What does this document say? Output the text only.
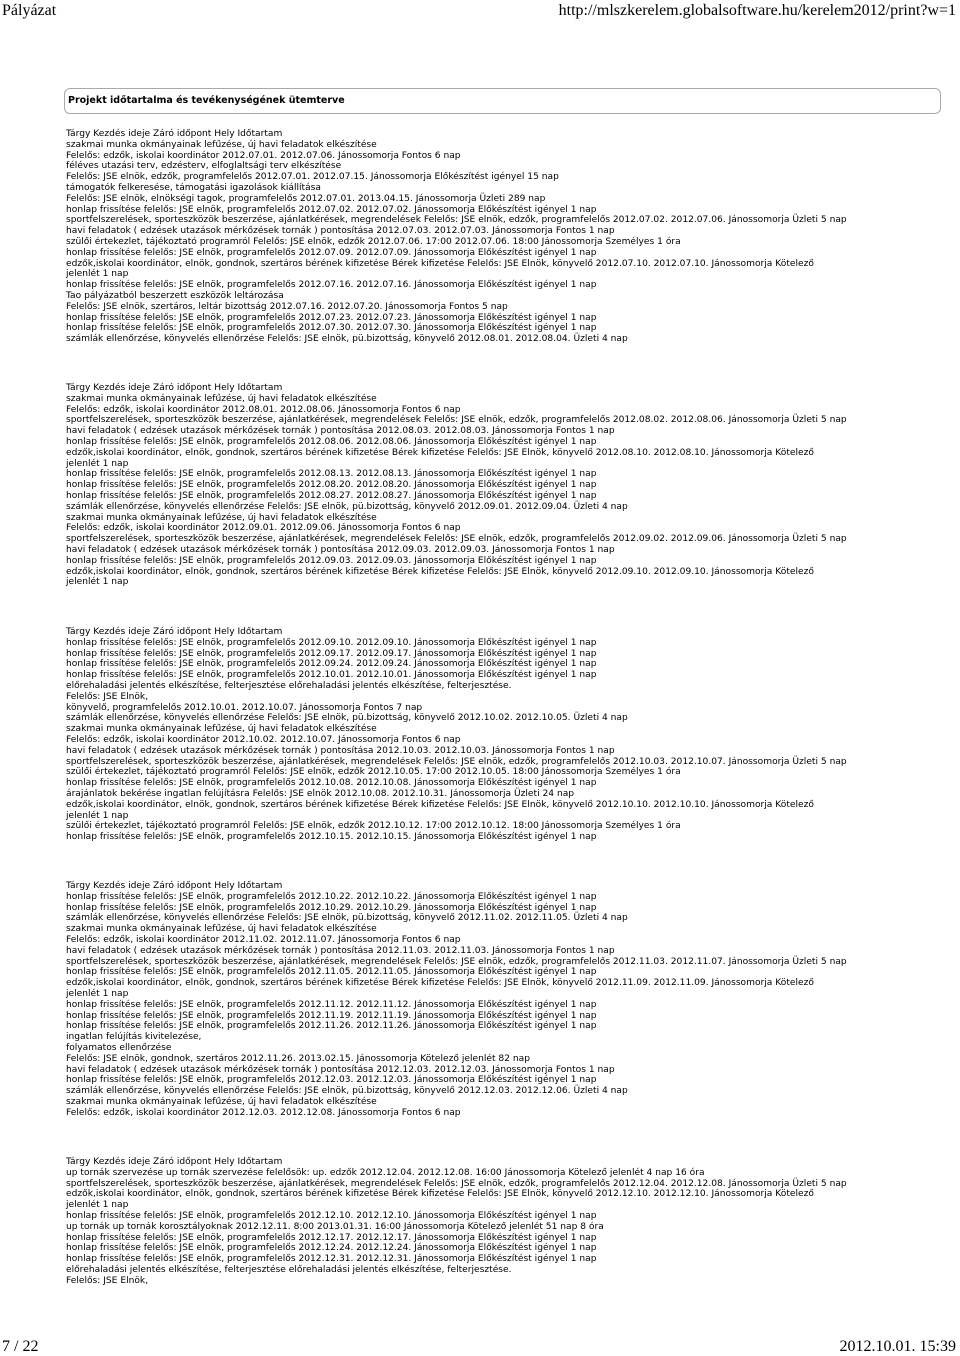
Pályázat	http://mlszkerelem.globalsoftware.hu/kerelem2012/print?w=1
Projekt időtartalma és tevékenységének ütemterve
Tárgy Kezdés ideje Záró időpont Hely Időtartam
szakmai munka okmányainak lefűzése, új havi feladatok elkészítése
Felelős: edzők, iskolai koordinátor 2012.07.01. 2012.07.06. Jánossomorja Fontos 6 nap
féléves utazási terv, edzésterv, elfoglaltsági terv elkészítése
Felelős: JSE elnök, edzők, programfelelős 2012.07.01. 2012.07.15. Jánossomorja Előkészítést igényel 15 nap
támogatók felkeresése, támogatási igazolások kiállítása
Felelős: JSE elnök, elnökségi tagok, programfelelős 2012.07.01. 2013.04.15. Jánossomorja Üzleti 289 nap
honlap frissítése felelős: JSE elnök, programfelelős 2012.07.02. 2012.07.02. Jánossomorja Előkészítést igényel 1 nap
sportfelszerelések, sporteszközök beszerzése, ajánlatkérések, megrendelések Felelős: JSE elnök, edzők, programfelelős 2012.07.02. 2012.07.06. Jánossomorja Üzleti 5 nap
havi feladatok ( edzések utazások mérkőzések tornák ) pontosítása 2012.07.03. 2012.07.03. Jánossomorja Fontos 1 nap
szülői értekezlet, tájékoztató programról Felelős: JSE elnök, edzők 2012.07.06. 17:00 2012.07.06. 18:00 Jánossomorja Személyes 1 óra
honlap frissítése felelős: JSE elnök, programfelelős 2012.07.09. 2012.07.09. Jánossomorja Előkészítést igényel 1 nap
edzők,iskolai koordinátor, elnök, gondnok, szertáros bérének kifizetése Bérek kifizetése Felelős: JSE Elnök, könyvelő 2012.07.10. 2012.07.10. Jánossomorja Kötelező
jelenlét 1 nap
honlap frissítése felelős: JSE elnök, programfelelős 2012.07.16. 2012.07.16. Jánossomorja Előkészítést igényel 1 nap
Tao pályázatból beszerzett eszközök leltározása
Felelős: JSE elnök, szertáros, leltár bizottság 2012.07.16. 2012.07.20. Jánossomorja Fontos 5 nap
honlap frissítése felelős: JSE elnök, programfelelős 2012.07.23. 2012.07.23. Jánossomorja Előkészítést igényel 1 nap
honlap frissítése felelős: JSE elnök, programfelelős 2012.07.30. 2012.07.30. Jánossomorja Előkészítést igényel 1 nap
számlák ellenőrzése, könyvelés ellenőrzése Felelős: JSE elnök, pü.bizottság, könyvelő 2012.08.01. 2012.08.04. Üzleti 4 nap
Tárgy Kezdés ideje Záró időpont Hely Időtartam
szakmai munka okmányainak lefűzése, új havi feladatok elkészítése
Felelős: edzők, iskolai koordinátor 2012.08.01. 2012.08.06. Jánossomorja Fontos 6 nap
sportfelszerelések, sporteszközök beszerzése, ajánlatkérések, megrendelések Felelős: JSE elnök, edzők, programfelelős 2012.08.02. 2012.08.06. Jánossomorja Üzleti 5 nap
havi feladatok ( edzések utazások mérkőzések tornák ) pontosítása 2012.08.03. 2012.08.03. Jánossomorja Fontos 1 nap
honlap frissítése felelős: JSE elnök, programfelelős 2012.08.06. 2012.08.06. Jánossomorja Előkészítést igényel 1 nap
edzők,iskolai koordinátor, elnök, gondnok, szertáros bérének kifizetése Bérek kifizetése Felelős: JSE Elnök, könyvelő 2012.08.10. 2012.08.10. Jánossomorja Kötelező
jelenlét 1 nap
honlap frissítése felelős: JSE elnök, programfelelős 2012.08.13. 2012.08.13. Jánossomorja Előkészítést igényel 1 nap
honlap frissítése felelős: JSE elnök, programfelelős 2012.08.20. 2012.08.20. Jánossomorja Előkészítést igényel 1 nap
honlap frissítése felelős: JSE elnök, programfelelős 2012.08.27. 2012.08.27. Jánossomorja Előkészítést igényel 1 nap
számlák ellenőrzése, könyvelés ellenőrzése Felelős: JSE elnök, pü.bizottság, könyvelő 2012.09.01. 2012.09.04. Üzleti 4 nap
szakmai munka okmányainak lefűzése, új havi feladatok elkészítése
Felelős: edzők, iskolai koordinátor 2012.09.01. 2012.09.06. Jánossomorja Fontos 6 nap
sportfelszerelések, sporteszközök beszerzése, ajánlatkérések, megrendelések Felelős: JSE elnök, edzők, programfelelős 2012.09.02. 2012.09.06. Jánossomorja Üzleti 5 nap
havi feladatok ( edzések utazások mérkőzések tornák ) pontosítása 2012.09.03. 2012.09.03. Jánossomorja Fontos 1 nap
honlap frissítése felelős: JSE elnök, programfelelős 2012.09.03. 2012.09.03. Jánossomorja Előkészítést igényel 1 nap
edzők,iskolai koordinátor, elnök, gondnok, szertáros bérének kifizetése Bérek kifizetése Felelős: JSE Elnök, könyvelő 2012.09.10. 2012.09.10. Jánossomorja Kötelező
jelenlét 1 nap
Tárgy Kezdés ideje Záró időpont Hely Időtartam
honlap frissítése felelős: JSE elnök, programfelelős 2012.09.10. 2012.09.10. Jánossomorja Előkészítést igényel 1 nap
honlap frissítése felelős: JSE elnök, programfelelős 2012.09.17. 2012.09.17. Jánossomorja Előkészítést igényel 1 nap
honlap frissítése felelős: JSE elnök, programfelelős 2012.09.24. 2012.09.24. Jánossomorja Előkészítést igényel 1 nap
honlap frissítése felelős: JSE elnök, programfelelős 2012.10.01. 2012.10.01. Jánossomorja Előkészítést igényel 1 nap
előrehaladási jelentés elkészítése, felterjesztése előrehaladási jelentés elkészítése, felterjesztése.
Felelős: JSE Elnök,
könyvelő, programfelelős 2012.10.01. 2012.10.07. Jánossomorja Fontos 7 nap
számlák ellenőrzése, könyvelés ellenőrzése Felelős: JSE elnök, pü.bizottság, könyvelő 2012.10.02. 2012.10.05. Üzleti 4 nap
szakmai munka okmányainak lefűzése, új havi feladatok elkészítése
Felelős: edzők, iskolai koordinátor 2012.10.02. 2012.10.07. Jánossomorja Fontos 6 nap
havi feladatok ( edzések utazások mérkőzések tornák ) pontosítása 2012.10.03. 2012.10.03. Jánossomorja Fontos 1 nap
sportfelszerelések, sporteszközök beszerzése, ajánlatkérések, megrendelések Felelős: JSE elnök, edzők, programfelelős 2012.10.03. 2012.10.07. Jánossomorja Üzleti 5 nap
szülői értekezlet, tájékoztató programról Felelős: JSE elnök, edzők 2012.10.05. 17:00 2012.10.05. 18:00 Jánossomorja Személyes 1 óra
honlap frissítése felelős: JSE elnök, programfelelős 2012.10.08. 2012.10.08. Jánossomorja Előkészítést igényel 1 nap
árajánlatok bekérése ingatlan felújításra Felelős: JSE elnök 2012.10.08. 2012.10.31. Jánossomorja Üzleti 24 nap
edzők,iskolai koordinátor, elnök, gondnok, szertáros bérének kifizetése Bérek kifizetése Felelős: JSE Elnök, könyvelő 2012.10.10. 2012.10.10. Jánossomorja Kötelező
jelenlét 1 nap
szülői értekezlet, tájékoztató programról Felelős: JSE elnök, edzők 2012.10.12. 17:00 2012.10.12. 18:00 Jánossomorja Személyes 1 óra
honlap frissítése felelős: JSE elnök, programfelelős 2012.10.15. 2012.10.15. Jánossomorja Előkészítést igényel 1 nap
Tárgy Kezdés ideje Záró időpont Hely Időtartam
honlap frissítése felelős: JSE elnök, programfelelős 2012.10.22. 2012.10.22. Jánossomorja Előkészítést igényel 1 nap
honlap frissítése felelős: JSE elnök, programfelelős 2012.10.29. 2012.10.29. Jánossomorja Előkészítést igényel 1 nap
számlák ellenőrzése, könyvelés ellenőrzése Felelős: JSE elnök, pü.bizottság, könyvelő 2012.11.02. 2012.11.05. Üzleti 4 nap
szakmai munka okmányainak lefűzése, új havi feladatok elkészítése
Felelős: edzők, iskolai koordinátor 2012.11.02. 2012.11.07. Jánossomorja Fontos 6 nap
havi feladatok ( edzések utazások mérkőzések tornák ) pontosítása 2012.11.03. 2012.11.03. Jánossomorja Fontos 1 nap
sportfelszerelések, sporteszközök beszerzése, ajánlatkérések, megrendelések Felelős: JSE elnök, edzők, programfelelős 2012.11.03. 2012.11.07. Jánossomorja Üzleti 5 nap
honlap frissítése felelős: JSE elnök, programfelelős 2012.11.05. 2012.11.05. Jánossomorja Előkészítést igényel 1 nap
edzők,iskolai koordinátor, elnök, gondnok, szertáros bérének kifizetése Bérek kifizetése Felelős: JSE Elnök, könyvelő 2012.11.09. 2012.11.09. Jánossomorja Kötelező
jelenlét 1 nap
honlap frissítése felelős: JSE elnök, programfelelős 2012.11.12. 2012.11.12. Jánossomorja Előkészítést igényel 1 nap
honlap frissítése felelős: JSE elnök, programfelelős 2012.11.19. 2012.11.19. Jánossomorja Előkészítést igényel 1 nap
honlap frissítése felelős: JSE elnök, programfelelős 2012.11.26. 2012.11.26. Jánossomorja Előkészítést igényel 1 nap
ingatlan felújítás kivitelezése,
folyamatos ellenőrzése
Felelős: JSE elnök, gondnok, szertáros 2012.11.26. 2013.02.15. Jánossomorja Kötelező jelenlét 82 nap
havi feladatok ( edzések utazások mérkőzések tornák ) pontosítása 2012.12.03. 2012.12.03. Jánossomorja Fontos 1 nap
honlap frissítése felelős: JSE elnök, programfelelős 2012.12.03. 2012.12.03. Jánossomorja Előkészítést igényel 1 nap
számlák ellenőrzése, könyvelés ellenőrzése Felelős: JSE elnök, pü.bizottság, könyvelő 2012.12.03. 2012.12.06. Üzleti 4 nap
szakmai munka okmányainak lefűzése, új havi feladatok elkészítése
Felelős: edzők, iskolai koordinátor 2012.12.03. 2012.12.08. Jánossomorja Fontos 6 nap
Tárgy Kezdés ideje Záró időpont Hely Időtartam
up tornák szervezése up tornák szervezése felelősök: up. edzők 2012.12.04. 2012.12.08. 16:00 Jánossomorja Kötelező jelenlét 4 nap 16 óra
sportfelszerelések, sporteszközök beszerzése, ajánlatkérések, megrendelések Felelős: JSE elnök, edzők, programfelelős 2012.12.04. 2012.12.08. Jánossomorja Üzleti 5 nap
edzők,iskolai koordinátor, elnök, gondnok, szertáros bérének kifizetése Bérek kifizetése Felelős: JSE Elnök, könyvelő 2012.12.10. 2012.12.10. Jánossomorja Kötelező
jelenlét 1 nap
honlap frissítése felelős: JSE elnök, programfelelős 2012.12.10. 2012.12.10. Jánossomorja Előkészítést igényel 1 nap
up tornák up tornák korosztályoknak 2012.12.11. 8:00 2013.01.31. 16:00 Jánossomorja Kötelező jelenlét 51 nap 8 óra
honlap frissítése felelős: JSE elnök, programfelelős 2012.12.17. 2012.12.17. Jánossomorja Előkészítést igényel 1 nap
honlap frissítése felelős: JSE elnök, programfelelős 2012.12.24. 2012.12.24. Jánossomorja Előkészítést igényel 1 nap
honlap frissítése felelős: JSE elnök, programfelelős 2012.12.31. 2012.12.31. Jánossomorja Előkészítést igényel 1 nap
előrehaladási jelentés elkészítése, felterjesztése előrehaladási jelentés elkészítése, felterjesztése.
Felelős: JSE Elnök,
7 / 22	2012.10.01. 15:39
